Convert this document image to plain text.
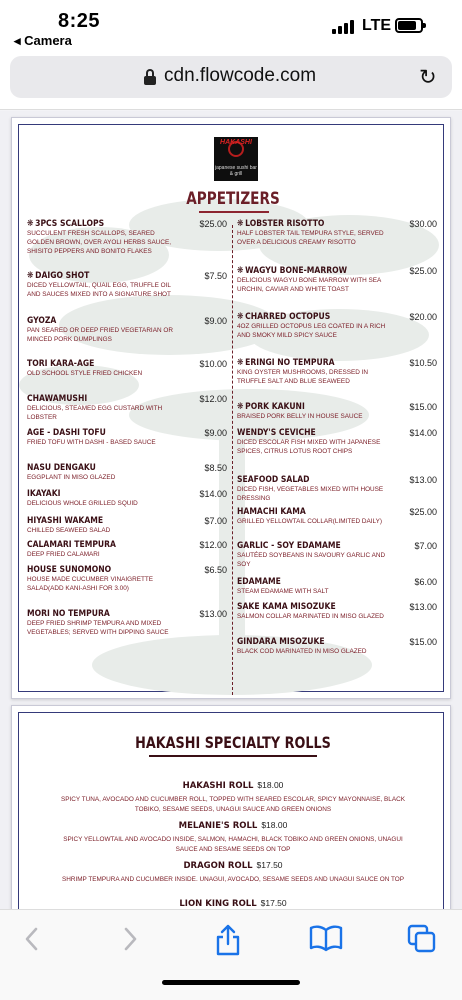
8:25
◂ Camera
LTE
cdn.flowcode.com	↻
HAKASHI
japanese sushi bar & grill
APPETIZERS
❋ 3PCS SCALLOPS	$25.00
SUCCULENT FRESH SCALLOPS, SEARED GOLDEN BROWN, OVER AYOLI HERBS SAUCE, SHISITO PEPPERS AND BONITO FLAKES
❋ DAIGO SHOT	$7.50
DICED YELLOWTAIL, QUAIL EGG, TRUFFLE OIL AND SAUCES MIXED INTO A SIGNATURE SHOT
GYOZA	$9.00
PAN SEARED OR DEEP FRIED VEGETARIAN OR MINCED PORK DUMPLINGS
TORI KARA-AGE	$10.00
OLD SCHOOL STYLE FRIED CHICKEN
CHAWAMUSHI	$12.00
DELICIOUS, STEAMED EGG CUSTARD WITH LOBSTER
AGE - DASHI TOFU	$9.00
FRIED TOFU WITH DASHI - BASED SAUCE
NASU DENGAKU	$8.50
EGGPLANT IN MISO GLAZED
IKAYAKI	$14.00
DELICIOUS WHOLE GRILLED SQUID
HIYASHI WAKAME	$7.00
CHILLED SEAWEED SALAD
CALAMARI TEMPURA	$12.00
DEEP FRIED CALAMARI
HOUSE SUNOMONO	$6.50
HOUSE MADE CUCUMBER VINAIGRETTE SALAD(ADD KANI-ASHI FOR 3.00)
MORI NO TEMPURA	$13.00
DEEP FRIED SHRIMP TEMPURA AND MIXED VEGETABLES; SERVED WITH DIPPING SAUCE
❋ LOBSTER RISOTTO	$30.00
HALF LOBSTER TAIL TEMPURA STYLE, SERVED OVER A DELICIOUS CREAMY RISOTTO
❋ WAGYU BONE-MARROW	$25.00
DELICIOUS WAGYU BONE MARROW WITH SEA URCHIN, CAVIAR AND WHITE TOAST
❋ CHARRED OCTOPUS	$20.00
4OZ GRILLED OCTOPUS LEG COATED IN A RICH AND SMOKY MILD SPICY SAUCE
❋ ERINGI NO TEMPURA	$10.50
KING OYSTER MUSHROOMS, DRESSED IN TRUFFLE SALT AND BLUE SEAWEED
❋ PORK KAKUNI	$15.00
BRAISED PORK BELLY IN HOUSE SAUCE
WENDY'S CEVICHE	$14.00
DICED ESCOLAR FISH MIXED WITH JAPANESE SPICES, CITRUS LOTUS ROOT CHIPS
SEAFOOD SALAD	$13.00
DICED FISH, VEGETABLES MIXED WITH HOUSE DRESSING
HAMACHI KAMA	$25.00
GRILLED YELLOWTAIL COLLAR(LIMITED DAILY)
GARLIC - SOY EDAMAME	$7.00
SAUTÉED SOYBEANS IN SAVOURY GARLIC AND SOY
EDAMAME	$6.00
STEAM EDAMAME WITH SALT
SAKE KAMA MISOZUKE	$13.00
SALMON COLLAR MARINATED IN MISO GLAZED
GINDARA MISOZUKE	$15.00
BLACK COD MARINATED IN MISO GLAZED
HAKASHI SPECIALTY ROLLS
HAKASHI ROLL $18.00
SPICY TUNA, AVOCADO AND CUCUMBER ROLL, TOPPED WITH SEARED ESCOLAR, SPICY MAYONNAISE, BLACK TOBIKO, SESAME SEEDS, UNAGUI SAUCE AND GREEN ONIONS
MELANIE'S ROLL $18.00
SPICY YELLOWTAIL AND AVOCADO INSIDE, SALMON, HAMACHI, BLACK TOBIKO AND GREEN ONIONS, UNAGUI SAUCE AND SESAME SEEDS ON TOP
DRAGON ROLL $17.50
SHRIMP TEMPURA AND CUCUMBER INSIDE. UNAGUI, AVOCADO, SESAME SEEDS AND UNAGUI SAUCE ON TOP
LION KING ROLL $17.50
